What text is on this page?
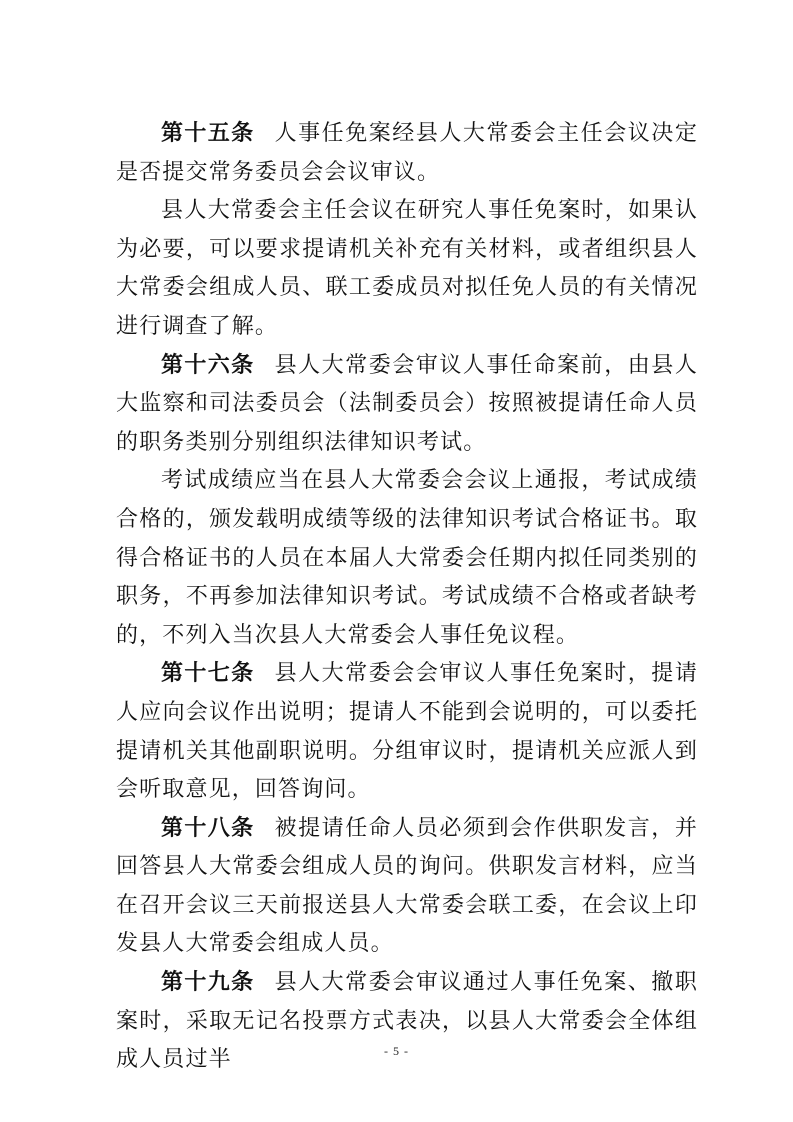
第十五条 人事任免案经县人大常委会主任会议决定是否提交常务委员会会议审议。

县人大常委会主任会议在研究人事任免案时，如果认为必要，可以要求提请机关补充有关材料，或者组织县人大常委会组成人员、联工委成员对拟任免人员的有关情况进行调查了解。

第十六条 县人大常委会审议人事任命案前，由县人大监察和司法委员会（法制委员会）按照被提请任命人员的职务类别分别组织法律知识考试。

考试成绩应当在县人大常委会会议上通报，考试成绩合格的，颁发载明成绩等级的法律知识考试合格证书。取得合格证书的人员在本届人大常委会任期内拟任同类别的职务，不再参加法律知识考试。考试成绩不合格或者缺考的，不列入当次县人大常委会人事任免议程。

第十七条 县人大常委会会审议人事任免案时，提请人应向会议作出说明；提请人不能到会说明的，可以委托提请机关其他副职说明。分组审议时，提请机关应派人到会听取意见，回答询问。

第十八条 被提请任命人员必须到会作供职发言，并回答县人大常委会组成人员的询问。供职发言材料，应当在召开会议三天前报送县人大常委会联工委，在会议上印发县人大常委会组成人员。

第十九条 县人大常委会审议通过人事任免案、撤职案时，采取无记名投票方式表决，以县人大常委会全体组成人员过半	- 5 -
